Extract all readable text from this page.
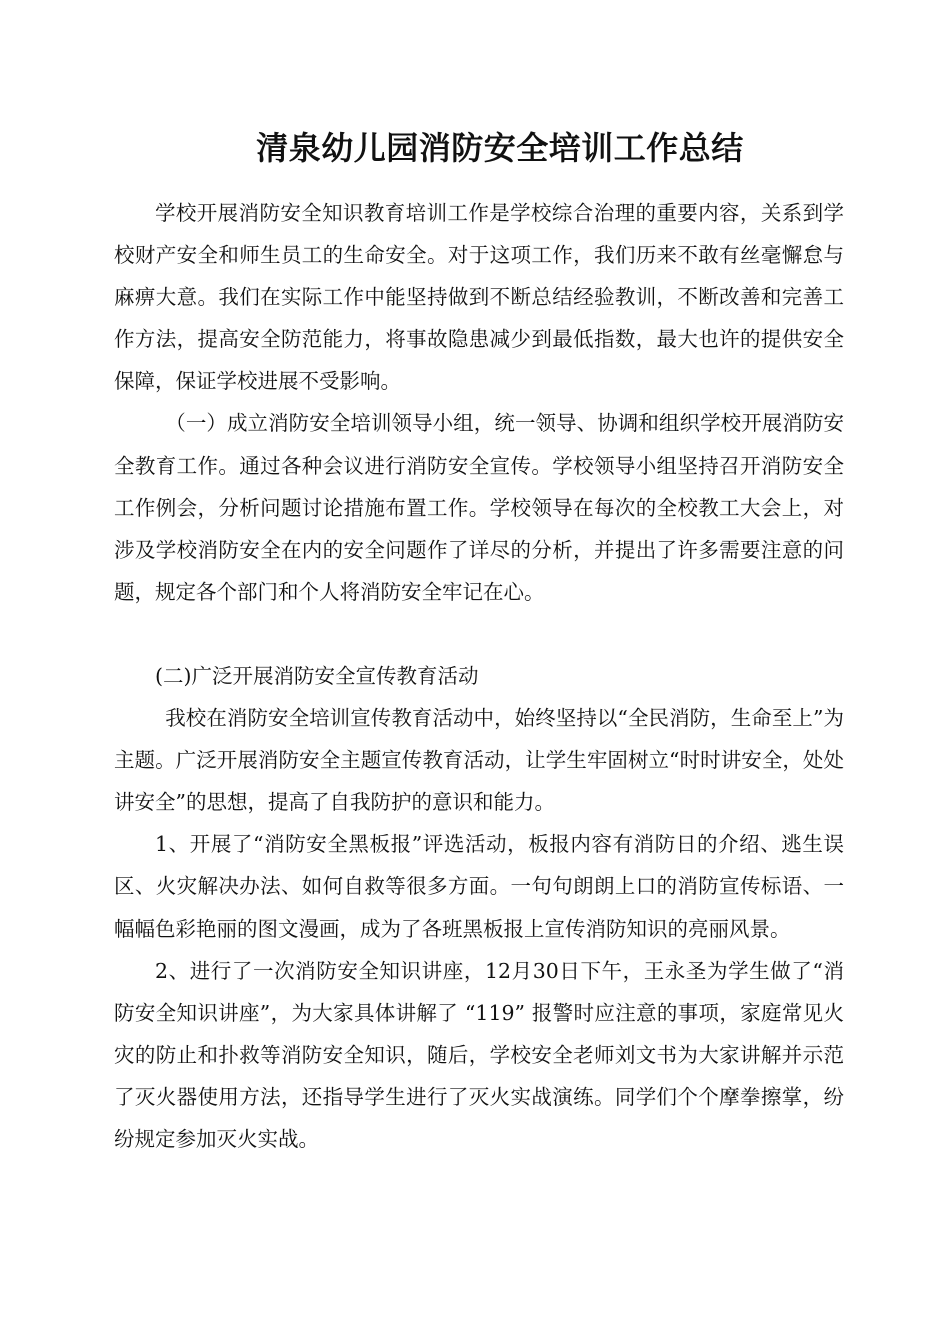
清泉幼儿园消防安全培训工作总结

学校开展消防安全知识教育培训工作是学校综合治理的重要内容，关系到学校财产安全和师生员工的生命安全。对于这项工作，我们历来不敢有丝毫懈怠与麻痹大意。我们在实际工作中能坚持做到不断总结经验教训，不断改善和完善工作方法，提高安全防范能力，将事故隐患减少到最低指数，最大也许的提供安全保障，保证学校进展不受影响。

（一）成立消防安全培训领导小组，统一领导、协调和组织学校开展消防安全教育工作。通过各种会议进行消防安全宣传。学校领导小组坚持召开消防安全工作例会，分析问题讨论措施布置工作。学校领导在每次的全校教工大会上，对涉及学校消防安全在内的安全问题作了详尽的分析，并提出了许多需要注意的问题，规定各个部门和个人将消防安全牢记在心。

(二)广泛开展消防安全宣传教育活动

我校在消防安全培训宣传教育活动中，始终坚持以“全民消防，生命至上”为主题。广泛开展消防安全主题宣传教育活动，让学生牢固树立“时时讲安全，处处讲安全”的思想，提高了自我防护的意识和能力。

1、开展了“消防安全黑板报”评选活动，板报内容有消防日的介绍、逃生误区、火灾解决办法、如何自救等很多方面。一句句朗朗上口的消防宣传标语、一幅幅色彩艳丽的图文漫画，成为了各班黑板报上宣传消防知识的亮丽风景。

2、进行了一次消防安全知识讲座，12月30日下午，王永圣为学生做了“消防安全知识讲座”，为大家具体讲解了 “119” 报警时应注意的事项，家庭常见火灾的防止和扑救等消防安全知识，随后，学校安全老师刘文书为大家讲解并示范了灭火器使用方法，还指导学生进行了灭火实战演练。同学们个个摩拳擦掌，纷纷规定参加灭火实战。
